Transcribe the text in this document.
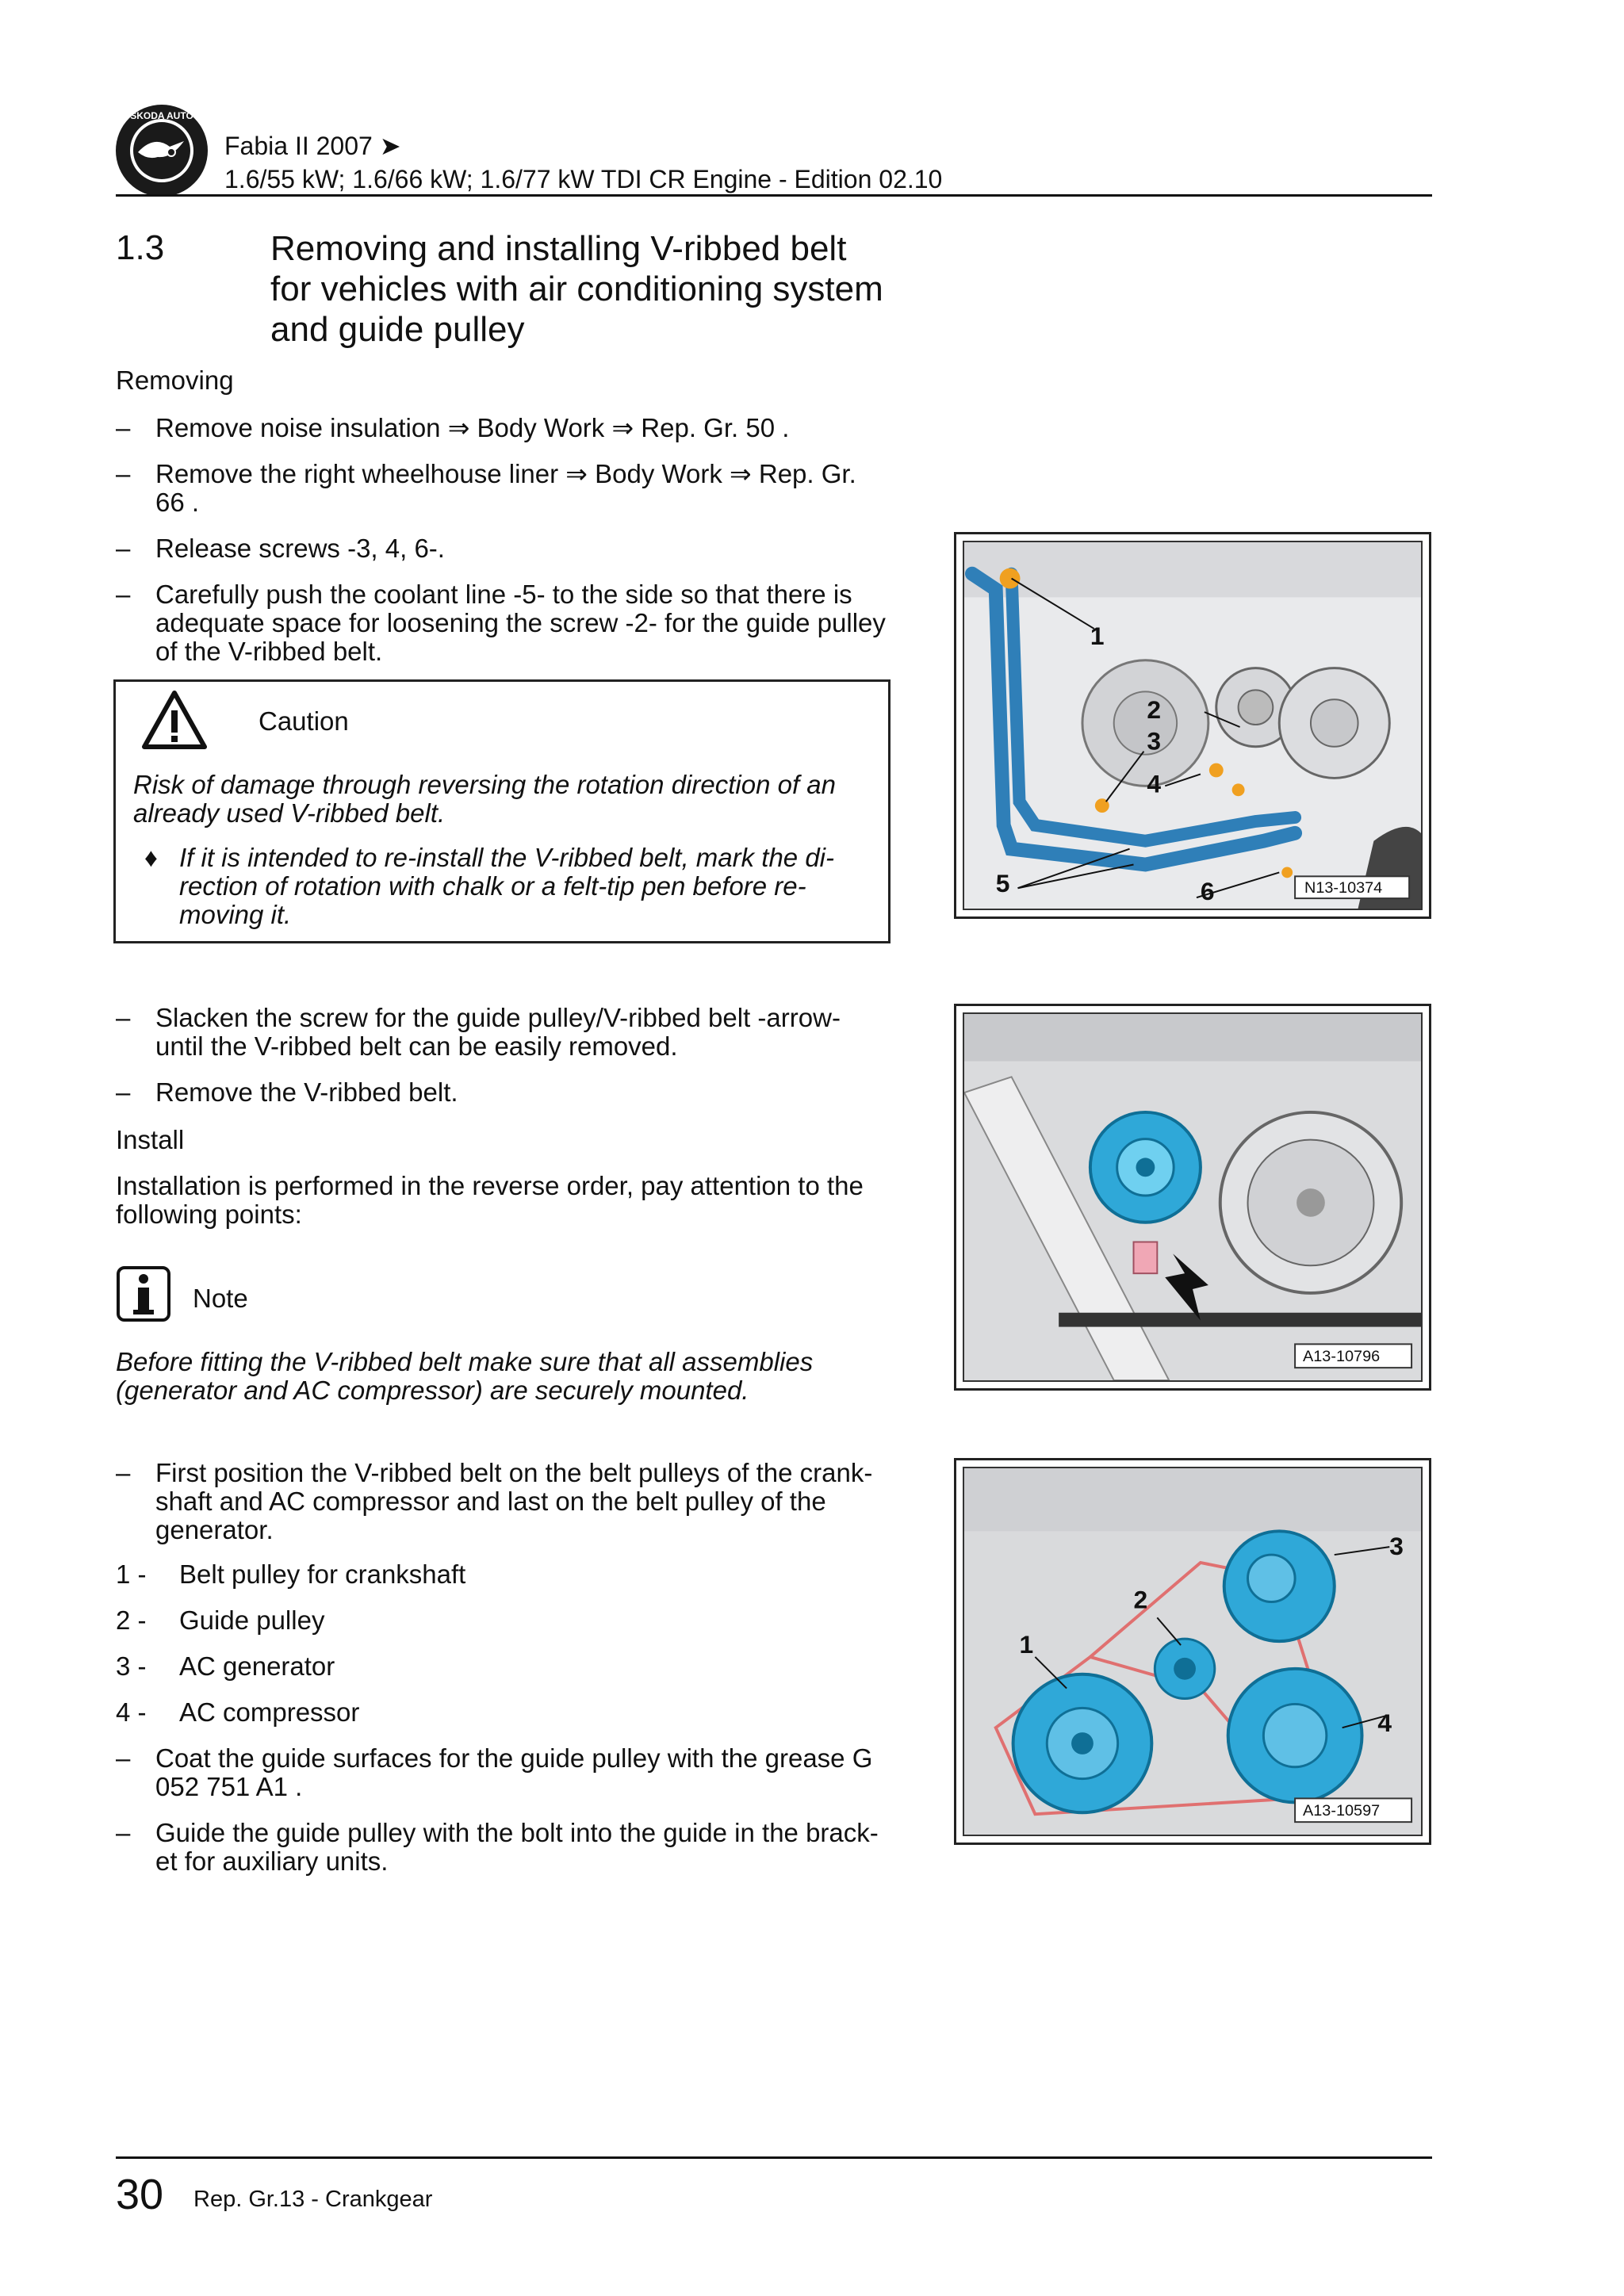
ŠKODA AUTO
Fabia II 2007 ➤
1.6/55 kW; 1.6/66 kW; 1.6/77 kW TDI CR Engine - Edition 02.10
1.3	Removing and installing V-ribbed belt
for vehicles with air conditioning system
and guide pulley
Removing
– Remove noise insulation ⇒ Body Work ⇒ Rep. Gr. 50 .
– Remove the right wheelhouse liner ⇒ Body Work ⇒ Rep. Gr.
66 .
– Release screws -3, 4, 6-.
– Carefully push the coolant line -5- to the side so that there is
adequate space for loosening the screw -2- for the guide pulley
of the V-ribbed belt.
Caution
Risk of damage through reversing the rotation direction of an
already used V-ribbed belt.
♦ If it is intended to re-install the V-ribbed belt, mark the di-
rection of rotation with chalk or a felt-tip pen before re-
moving it.
– Slacken the screw for the guide pulley/V-ribbed belt -arrow-
until the V-ribbed belt can be easily removed.
– Remove the V-ribbed belt.
Install
Installation is performed in the reverse order, pay attention to the
following points:
Note
Before fitting the V-ribbed belt make sure that all assemblies
(generator and AC compressor) are securely mounted.
– First position the V-ribbed belt on the belt pulleys of the crank-
shaft and AC compressor and last on the belt pulley of the
generator.
1 - Belt pulley for crankshaft
2 - Guide pulley
3 - AC generator
4 - AC compressor
– Coat the guide surfaces for the guide pulley with the grease G
052 751 A1 .
– Guide the guide pulley with the bolt into the guide in the brack-
et for auxiliary units.
1
2
3
4
5	6	N13-10374
A13-10796
1
2
3
4
A13-10597
30 Rep. Gr.13 - Crankgear
